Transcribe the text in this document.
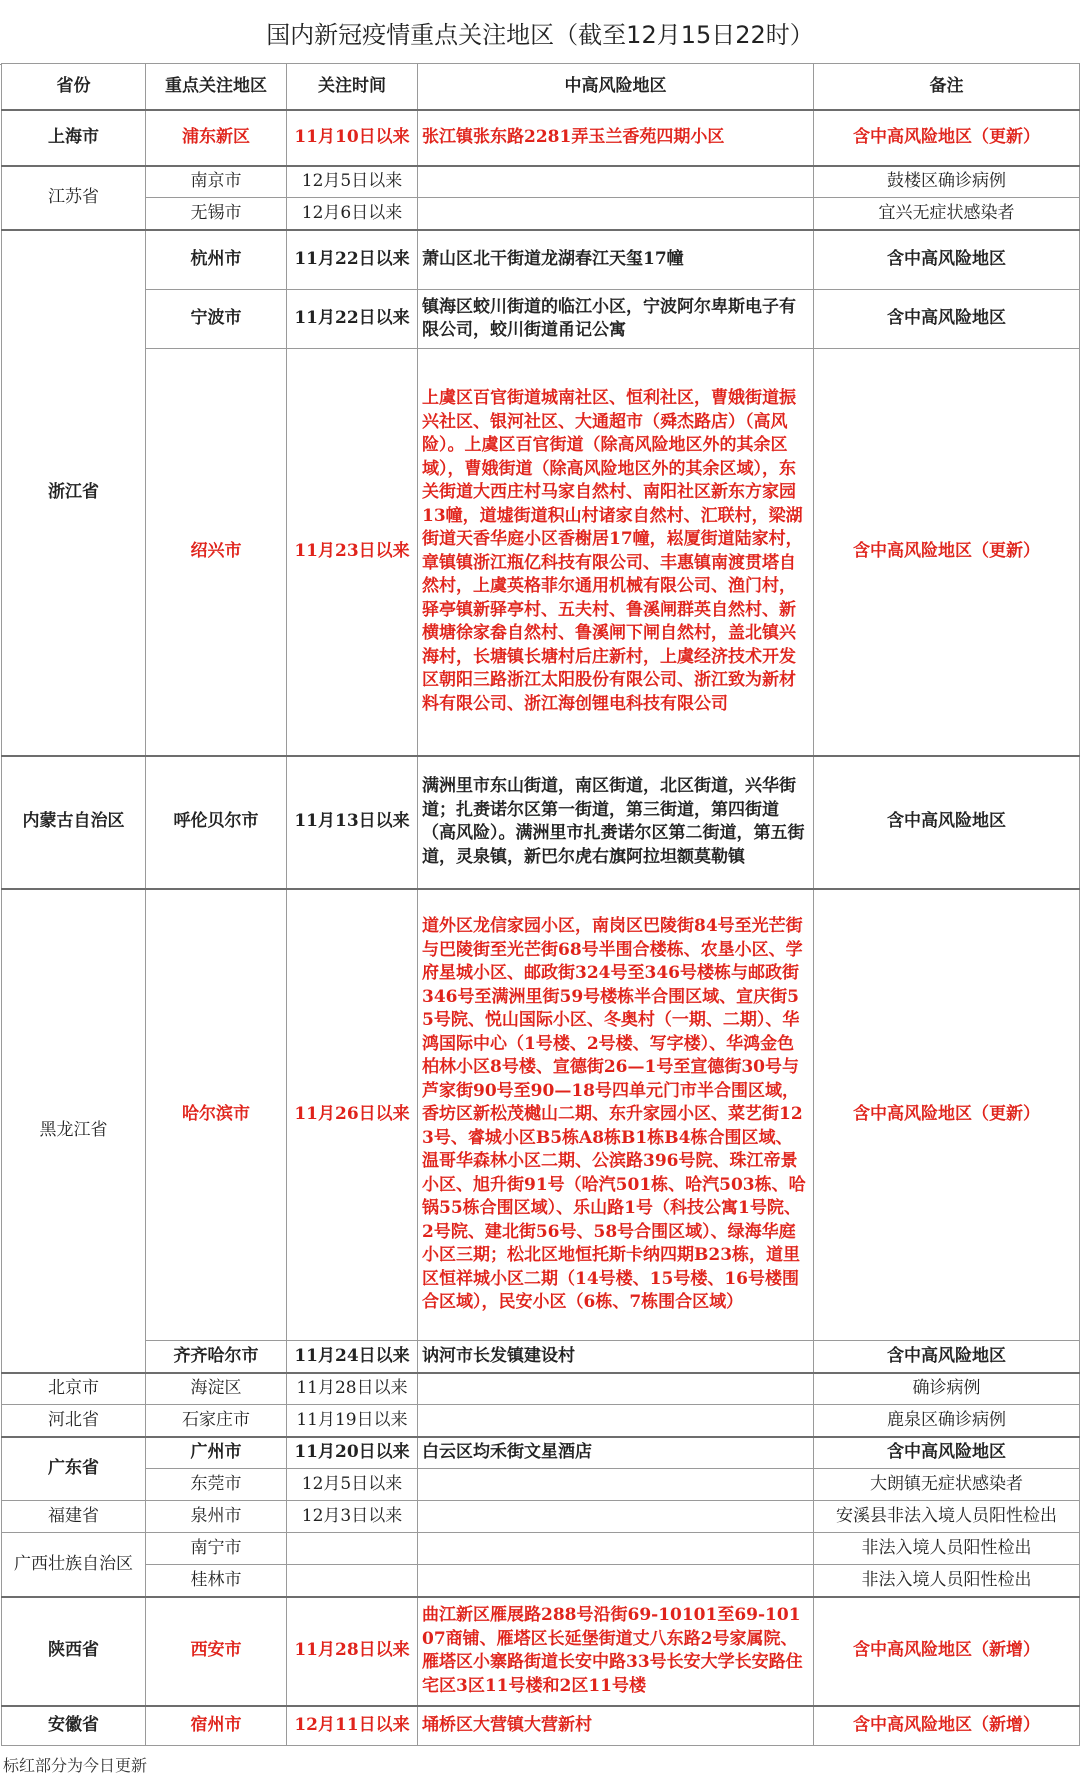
国内新冠疫情重点关注地区（截至12月15日22时）
省份	重点关注地区	关注时间	中高风险地区	备注
上海市	浦东新区	11月10日以来	张江镇张东路2281弄玉兰香苑四期小区	含中高风险地区（更新）
江苏省	南京市	12月5日以来		鼓楼区确诊病例
	无锡市	12月6日以来		宜兴无症状感染者
浙江省	杭州市	11月22日以来	萧山区北干街道龙湖春江天玺17幢	含中高风险地区
	宁波市	11月22日以来	镇海区蛟川街道的临江小区，宁波阿尔卑斯电子有限公司，蛟川街道甬记公寓	含中高风险地区
	绍兴市	11月23日以来	上虞区百官街道城南社区、恒利社区，曹娥街道振兴社区、银河社区、大通超市（舜杰路店）（高风险）。上虞区百官街道（除高风险地区外的其余区域），曹娥街道（除高风险地区外的其余区域），东关街道大西庄村马家自然村、南阳社区新东方家园13幢，道墟街道积山村诸家自然村、汇联村，梁湖街道天香华庭小区香榭居17幢，崧厦街道陆家村，章镇镇浙江瓶亿科技有限公司、丰惠镇南渡贯塔自然村，上虞英格菲尔通用机械有限公司、渔门村，驿亭镇新驿亭村、五夫村、鲁溪闸群英自然村、新横塘徐家畚自然村、鲁溪闸下闸自然村，盖北镇兴海村，长塘镇长塘村后庄新村，上虞经济技术开发区朝阳三路浙江太阳股份有限公司、浙江致为新材料有限公司、浙江海创锂电科技有限公司	含中高风险地区（更新）
内蒙古自治区	呼伦贝尔市	11月13日以来	满洲里市东山街道，南区街道，北区街道，兴华街道；扎赉诺尔区第一街道，第三街道，第四街道（高风险）。满洲里市扎赉诺尔区第二街道，第五街道，灵泉镇，新巴尔虎右旗阿拉坦额莫勒镇	含中高风险地区
黑龙江省	哈尔滨市	11月26日以来	道外区龙信家园小区，南岗区巴陵街84号至光芒街与巴陵街至光芒街68号半围合楼栋、农垦小区、学府星城小区、邮政街324号至346号楼栋与邮政街346号至满洲里街59号楼栋半合围区域、宣庆街55号院、悦山国际小区、冬奥村（一期、二期）、华鸿国际中心（1号楼、2号楼、写字楼）、华鸿金色柏林小区8号楼、宣德街26—1号至宣德街30号与芦家街90号至90—18号四单元门市半合围区域，香坊区新松茂樾山二期、东升家园小区、菜艺街123号、睿城小区B5栋A8栋B1栋B4栋合围区域、温哥华森林小区二期、公滨路396号院、珠江帝景小区、旭升街91号（哈汽501栋、哈汽503栋、哈锅55栋合围区域）、乐山路1号（科技公寓1号院、2号院、建北街56号、58号合围区域）、绿海华庭小区三期；松北区地恒托斯卡纳四期B23栋，道里区恒祥城小区二期（14号楼、15号楼、16号楼围合区域），民安小区（6栋、7栋围合区域）	含中高风险地区（更新）
	齐齐哈尔市	11月24日以来	讷河市长发镇建设村	含中高风险地区
北京市	海淀区	11月28日以来		确诊病例
河北省	石家庄市	11月19日以来		鹿泉区确诊病例
广东省	广州市	11月20日以来	白云区均禾街文星酒店	含中高风险地区
	东莞市	12月5日以来		大朗镇无症状感染者
福建省	泉州市	12月3日以来		安溪县非法入境人员阳性检出
广西壮族自治区	南宁市			非法入境人员阳性检出
	桂林市			非法入境人员阳性检出
陕西省	西安市	11月28日以来	曲江新区雁展路288号沿街69-10101至69-10107商铺、雁塔区长延堡街道丈八东路2号家属院、雁塔区小寨路街道长安中路33号长安大学长安路住宅区3区11号楼和2区11号楼	含中高风险地区（新增）
安徽省	宿州市	12月11日以来	埇桥区大营镇大营新村	含中高风险地区（新增）
标红部分为今日更新
